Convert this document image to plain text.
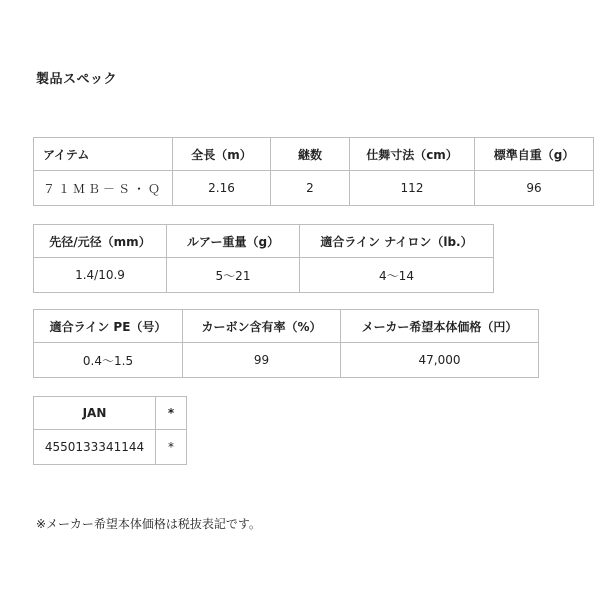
製品スペック
アイテム	全長（m）	継数	仕舞寸法（cm）	標準自重（g）
７１ＭＢ－Ｓ・Ｑ	2.16	2	112	96
先径/元径（mm）	ルアー重量（g）	適合ライン ナイロン（lb.）
1.4/10.9	5～21	4～14
適合ライン PE（号）	カーボン含有率（%）	メーカー希望本体価格（円）
0.4～1.5	99	47,000
JAN	*
4550133341144	*
※メーカー希望本体価格は税抜表記です。
